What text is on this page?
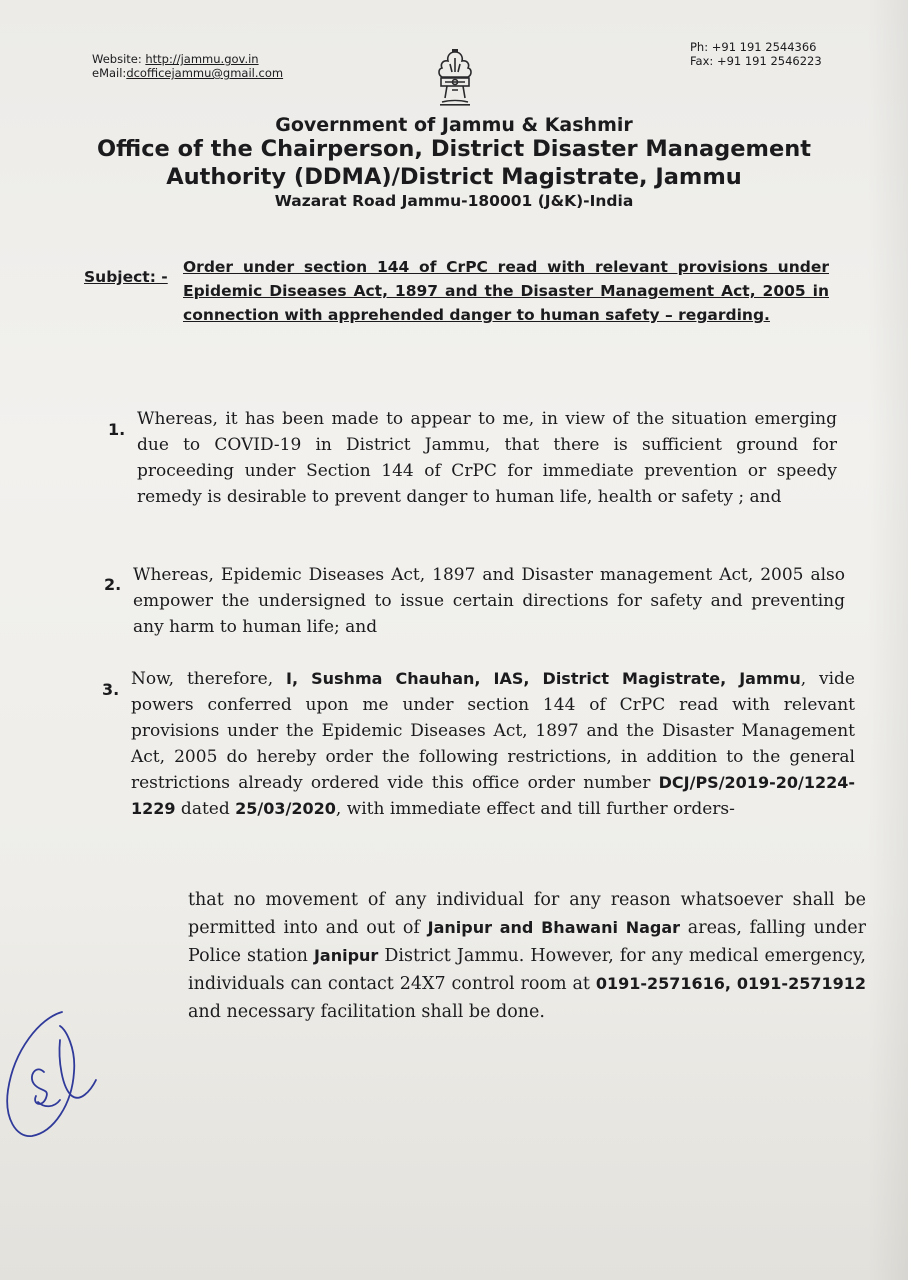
Website: http://jammu.gov.in
eMail:dcofficejammu@gmail.com
Ph: +91 191 2544366
Fax: +91 191 2546223
Government of Jammu & Kashmir
Office of the Chairperson, District Disaster Management
Authority (DDMA)/District Magistrate, Jammu
Wazarat Road Jammu-180001 (J&K)-India
Subject: -
Order under section 144 of CrPC read with relevant provisions under Epidemic Diseases Act, 1897 and the Disaster Management Act, 2005 in connection with apprehended danger to human safety – regarding.
1.
Whereas, it has been made to appear to me, in view of the situation emerging due to COVID-19 in District Jammu, that there is sufficient ground for proceeding under Section 144 of CrPC for immediate prevention or speedy remedy is desirable to prevent danger to human life, health or safety ; and
2. Whereas, Epidemic Diseases Act, 1897 and Disaster management Act, 2005 also empower the undersigned to issue certain directions for safety and preventing any harm to human life; and
3.
Now, therefore, I, Sushma Chauhan, IAS, District Magistrate, Jammu, vide powers conferred upon me under section 144 of CrPC read with relevant provisions under the Epidemic Diseases Act, 1897 and the Disaster Management Act, 2005 do hereby order the following restrictions, in addition to the general restrictions already ordered vide this office order number DCJ/PS/2019-20/1224-1229 dated 25/03/2020, with immediate effect and till further orders-
that no movement of any individual for any reason whatsoever shall be permitted into and out of Janipur and Bhawani Nagar areas, falling under Police station Janipur District Jammu. However, for any medical emergency, individuals can contact 24X7 control room at 0191-2571616, 0191-2571912 and necessary facilitation shall be done.
